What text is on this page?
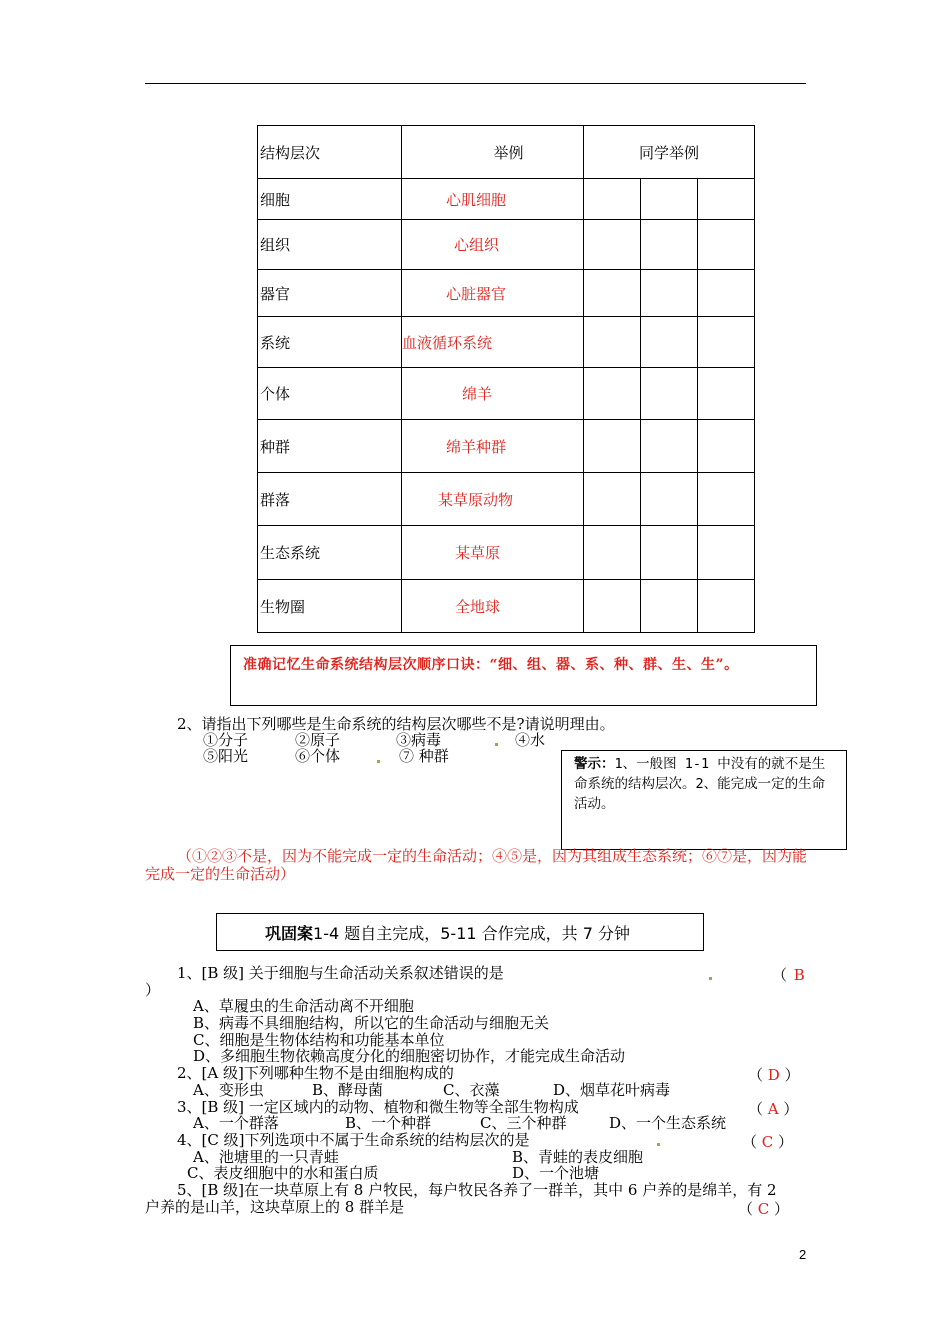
结构层次	举例	同学举例		
细胞	心肌细胞			
组织	心组织			
器官	心脏器官			
系统	血液循环系统			
个体	绵羊			
种群	绵羊种群			
群落	某草原动物			
生态系统	某草原			
生物圈	全地球			
准确记忆生命系统结构层次顺序口诀：“细、组、器、系、种、群、生、生”。
2、请指出下列哪些是生命系统的结构层次哪些不是?请说明理由。
①分子	②原子	③病毒	④水
⑤阳光	⑥个体	⑦ 种群	警示：1、一般图 1-1 中没有的就不是生命系统的结构层次。2、能完成一定的生命活动。
（①②③不是，因为不能完成一定的生命活动；④⑤是，因为其组成生态系统；⑥⑦是，因为能完成一定的生命活动）
巩固案1-4 题自主完成，5-11 合作完成，共 7 分钟
1、[B 级] 关于细胞与生命活动关系叙述错误的是	（ B
）
A、草履虫的生命活动离不开细胞
B、病毒不具细胞结构，所以它的生命活动与细胞无关
C、细胞是生物体结构和功能基本单位
D、多细胞生物依赖高度分化的细胞密切协作，才能完成生命活动
2、[A 级]下列哪种生物不是由细胞构成的	（ D ）
A、变形虫	B、酵母菌	C、衣藻	D、烟草花叶病毒
3、[B 级] 一定区域内的动物、植物和微生物等全部生物构成	（ A ）
A、一个群落	B、一个种群	C、三个种群	D、一个生态系统
4、[C 级]下列选项中不属于生命系统的结构层次的是	（ C ）
A、池塘里的一只青蛙	B、青蛙的表皮细胞
C、表皮细胞中的水和蛋白质	D、一个池塘
5、[B 级]在一块草原上有 8 户牧民，每户牧民各养了一群羊，其中 6 户养的是绵羊，有 2
户养的是山羊，这块草原上的 8 群羊是	（ C ）
2
